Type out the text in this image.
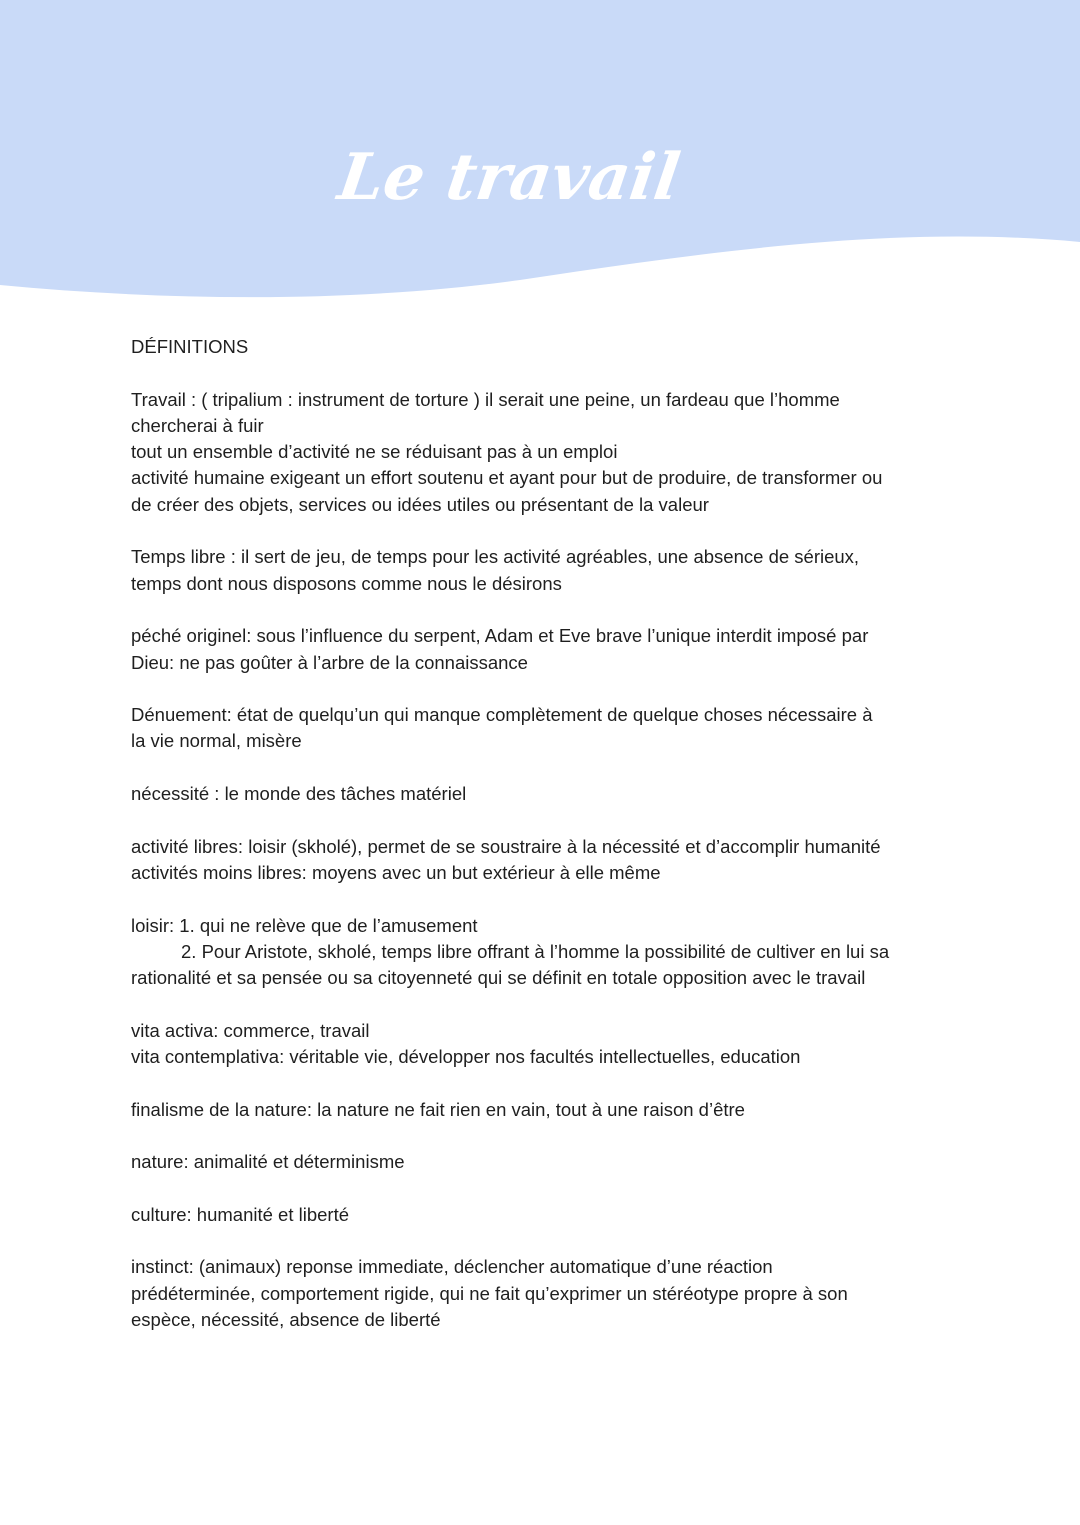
Le travail

DÉFINITIONS

Travail : ( tripalium : instrument de torture ) il serait une peine, un fardeau que l’homme

chercherai à fuir

tout un ensemble d’activité ne se réduisant pas à un emploi

activité humaine exigeant un effort soutenu et ayant pour but de produire, de transformer ou

de créer des objets, services ou idées utiles ou présentant de la valeur

Temps libre : il sert de jeu, de temps pour les activité agréables, une absence de sérieux,

temps dont nous disposons comme nous le désirons

péché originel: sous l’influence du serpent, Adam et Eve brave l’unique interdit imposé par

Dieu: ne pas goûter à l’arbre de la connaissance

Dénuement: état de quelqu’un qui manque complètement de quelque choses nécessaire à

la vie normal, misère

nécessité : le monde des tâches matériel

activité libres: loisir (skholé), permet de se soustraire à la nécessité et d’accomplir humanité

activités moins libres: moyens avec un but extérieur à elle même

loisir: 1. qui ne relève que de l’amusement

2. Pour Aristote, skholé, temps libre offrant à l’homme la possibilité de cultiver en lui sa

rationalité et sa pensée ou sa citoyenneté qui se définit en totale opposition avec le travail

vita activa: commerce, travail

vita contemplativa: véritable vie, développer nos facultés intellectuelles, education

finalisme de la nature: la nature ne fait rien en vain, tout à une raison d’être

nature: animalité et déterminisme

culture: humanité et liberté

instinct: (animaux) reponse immediate, déclencher automatique d’une réaction

prédéterminée, comportement rigide, qui ne fait qu’exprimer un stéréotype propre à son

espèce, nécessité, absence de liberté
